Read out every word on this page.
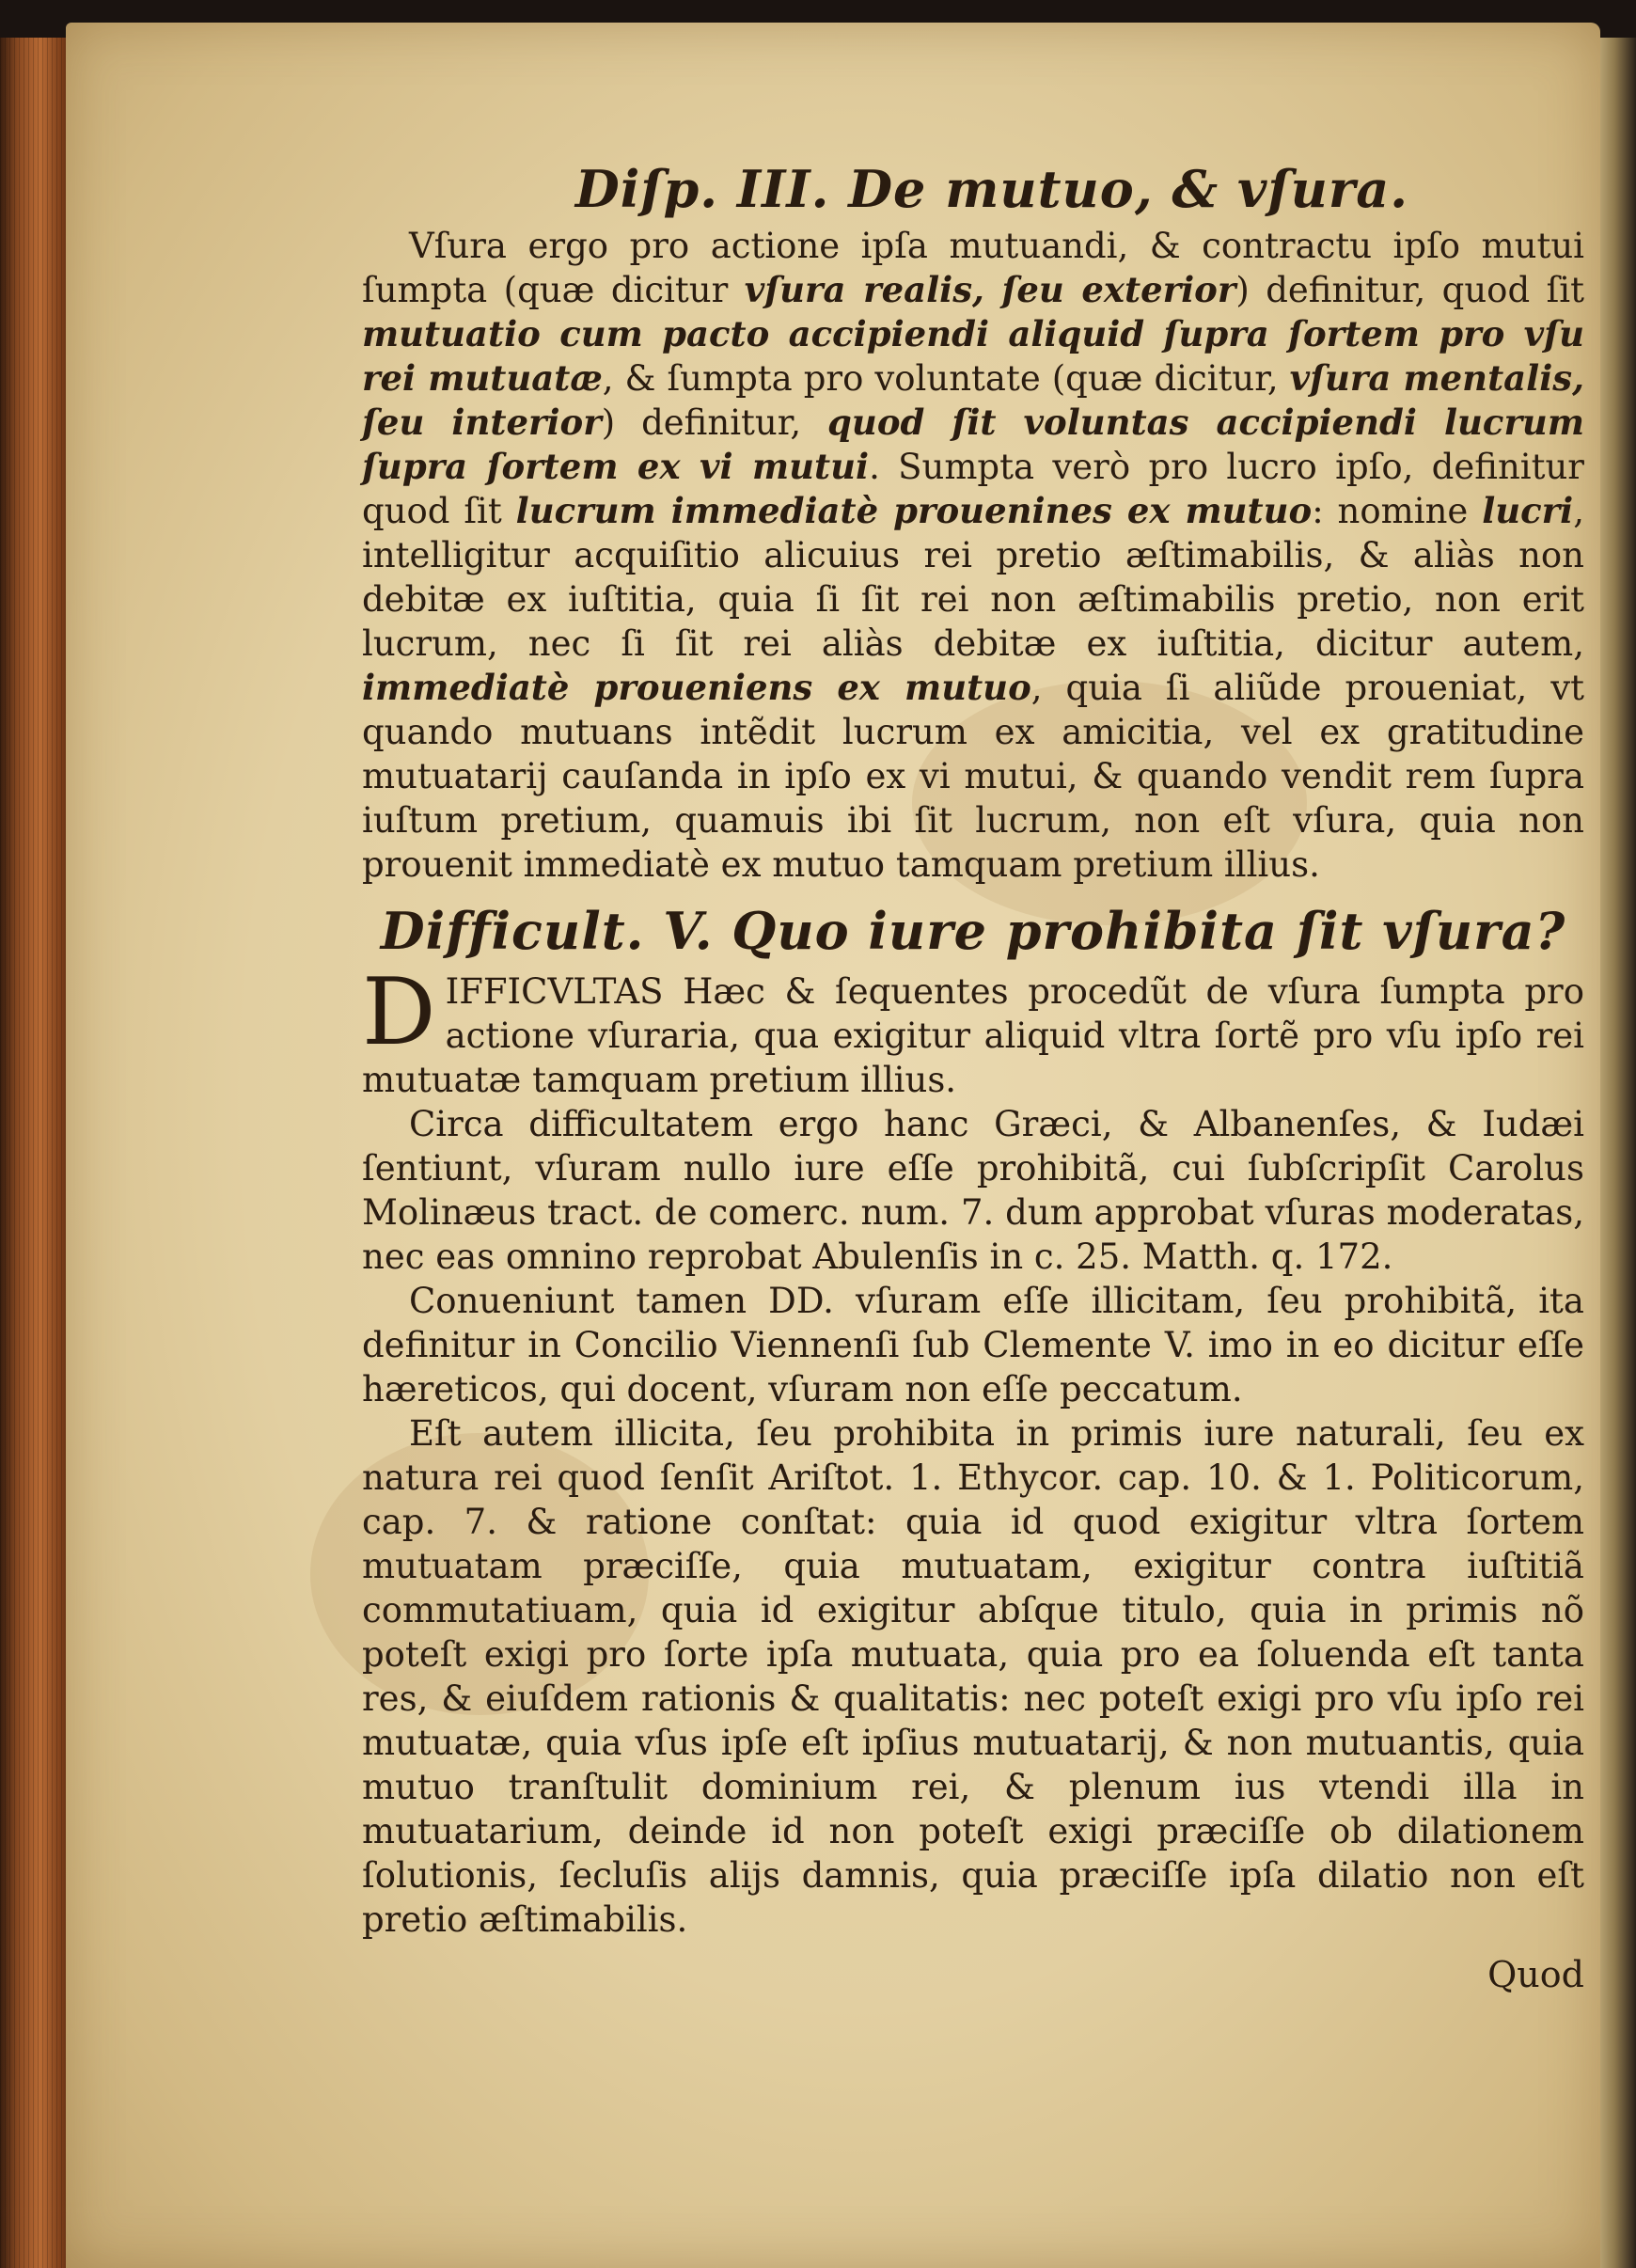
Diſp. III. De mutuo, & vſura.

Vſura ergo pro actione ipſa mutuandi, & contractu ipſo mutui ſumpta (quæ dicitur vſura realis, ſeu exterior) definitur, quod ſit mutuatio cum pacto accipiendi aliquid ſupra ſortem pro vſu rei mutuatæ, & ſumpta pro voluntate (quæ dicitur, vſura mentalis, ſeu interior) definitur, quod ſit voluntas accipiendi lucrum ſupra ſortem ex vi mutui. Sumpta verò pro lucro ipſo, definitur quod ſit lucrum immediatè prouenines ex mutuo: nomine lucri, intelligitur acquiſitio alicuius rei pretio æſtimabilis, & aliàs non debitæ ex iuſtitia, quia ſi ſit rei non æſtimabilis pretio, non erit lucrum, nec ſi ſit rei aliàs debitæ ex iuſtitia, dicitur autem, immediatè proueniens ex mutuo, quia ſi aliũde proueniat, vt quando mutuans intẽdit lucrum ex amicitia, vel ex gratitudine mutuatarij cauſanda in ipſo ex vi mutui, & quando vendit rem ſupra iuſtum pretium, quamuis ibi ſit lucrum, non eſt vſura, quia non prouenit immediatè ex mutuo tamquam pretium illius.

Difficult. V. Quo iure prohibita ſit vſura?

DIFFICVLTAS Hæc & ſequentes procedũt de vſura ſumpta pro actione vſuraria, qua exigitur aliquid vltra ſortẽ pro vſu ipſo rei mutuatæ tamquam pretium illius.

Circa difficultatem ergo hanc Græci, & Albanenſes, & Iudæi ſentiunt, vſuram nullo iure eſſe prohibitã, cui ſubſcripſit Carolus Molinæus tract. de comerc. num. 7. dum approbat vſuras moderatas, nec eas omnino reprobat Abulenſis in c. 25. Matth. q. 172.

Conueniunt tamen DD. vſuram eſſe illicitam, ſeu prohibitã, ita definitur in Concilio Viennenſi ſub Clemente V. imo in eo dicitur eſſe hæreticos, qui docent, vſuram non eſſe peccatum.

Eſt autem illicita, ſeu prohibita in primis iure naturali, ſeu ex natura rei quod ſenſit Ariſtot. 1. Ethycor. cap. 10. & 1. Politicorum, cap. 7. & ratione conſtat: quia id quod exigitur vltra ſortem mutuatam præciſſe, quia mutuatam, exigitur contra iuſtitiã commutatiuam, quia id exigitur abſque titulo, quia in primis nõ poteſt exigi pro ſorte ipſa mutuata, quia pro ea ſoluenda eſt tanta res, & eiuſdem rationis & qualitatis: nec poteſt exigi pro vſu ipſo rei mutuatæ, quia vſus ipſe eſt ipſius mutuatarij, & non mutuantis, quia mutuo tranſtulit dominium rei, & plenum ius vtendi illa in mutuatarium, deinde id non poteſt exigi præciſſe ob dilationem ſolutionis, ſecluſis alijs damnis, quia præciſſe ipſa dilatio non eſt pretio æſtimabilis.

Quod
